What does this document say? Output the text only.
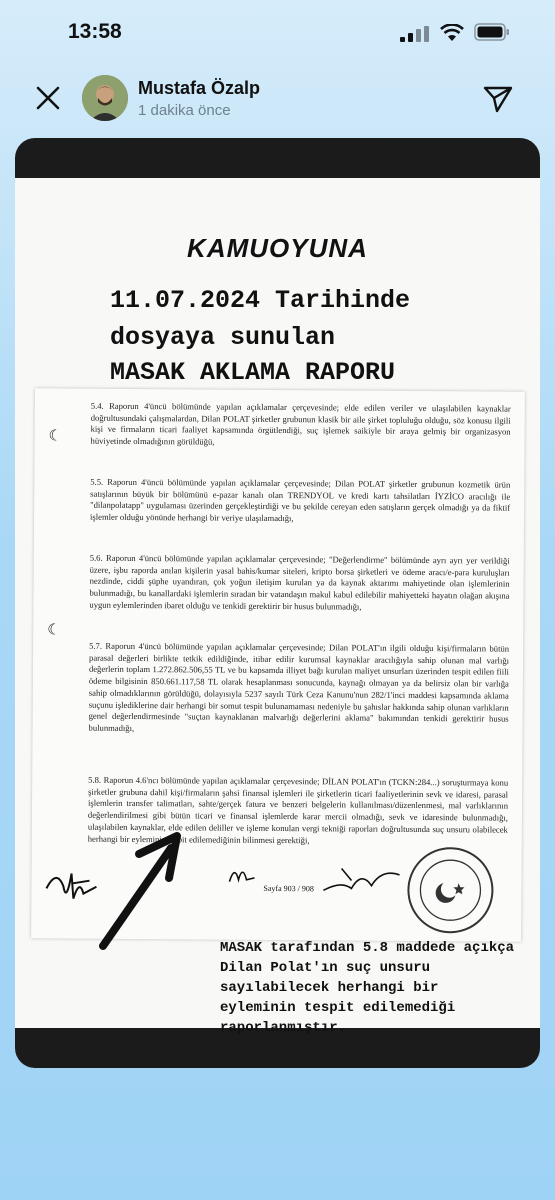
13:58
Mustafa Özalp
1 dakika önce
KAMUOYUNA
11.07.2024 Tarihinde
dosyaya sunulan
MASAK AKLAMA RAPORU
☾
☾
5.4. Raporun 4'üncü bölümünde yapılan açıklamalar çerçevesinde; elde edilen veriler ve ulaşılabilen kaynaklar doğrultusundaki çalışmalardan, Dilan POLAT şirketler grubunun klasik bir aile şirket topluluğu olduğu, söz konusu ilgili kişi ve firmaların ticari faaliyet kapsamında örgütlendiği, suç işlemek saikiyle bir araya gelmiş bir organizasyon hüviyetinde olmadığının görüldüğü,
5.5. Raporun 4'üncü bölümünde yapılan açıklamalar çerçevesinde; Dilan POLAT şirketler grubunun kozmetik ürün satışlarının büyük bir bölümünü e-pazar kanalı olan TRENDYOL ve kredi kartı tahsilatları İYZİCO aracılığı ile "dilanpolatapp" uygulaması üzerinden gerçekleştirdiği ve bu şekilde cereyan eden satışların gerçek olmadığı ya da fiktif işlemler olduğu yönünde herhangi bir veriye ulaşılamadığı,
5.6. Raporun 4'üncü bölümünde yapılan açıklamalar çerçevesinde; "Değerlendirme" bölümünde ayrı ayrı yer verildiği üzere, işbu raporda anılan kişilerin yasal bahis/kumar siteleri, kripto borsa şirketleri ve ödeme aracı/e-para kuruluşları nezdinde, ciddi şüphe uyandıran, çok yoğun iletişim kurulan ya da kaynak aktarımı mahiyetinde olan işlemlerinin bulunmadığı, bu kanallardaki işlemlerin sıradan bir vatandaşın makul kabul edilebilir mahiyetteki hayatın olağan akışına uygun eylemlerinden ibaret olduğu ve tenkidi gerektirir bir husus bulunmadığı,
5.7. Raporun 4'üncü bölümünde yapılan açıklamalar çerçevesinde; Dilan POLAT'ın ilgili olduğu kişi/firmaların bütün parasal değerleri birlikte tetkik edildiğinde, itibar edilir kurumsal kaynaklar aracılığıyla sahip olunan mal varlığı değerlerin toplam 1.272.862.506,55 TL ve bu kapsamda illiyet bağı kurulan maliyet unsurları üzerinden tespit edilen fiili ödeme bilgisinin 850.661.117,58 TL olarak hesaplanması sonucunda, kaynağı olmayan ya da belirsiz olan bir varlığa sahip olmadıklarının görüldüğü, dolayısıyla 5237 sayılı Türk Ceza Kanunu'nun 282/1'inci maddesi kapsamında aklama suçunu işlediklerine dair herhangi bir somut tespit bulunamaması nedeniyle bu şahıslar hakkında sahip olunan varlıkların genel değerlendirmesinde "suçtan kaynaklanan malvarlığı değerlerini aklama" bakımından tenkidi gerektirir husus bulunmadığı,
5.8. Raporun 4.6'ncı bölümünde yapılan açıklamalar çerçevesinde; DİLAN POLAT'ın (TCKN:284...) soruşturmaya konu şirketler grubuna dahil kişi/firmaların şahsi finansal işlemleri ile şirketlerin ticari faaliyetlerinin sevk ve idaresi, parasal işlemlerin transfer talimatları, sahte/gerçek fatura ve benzeri belgelerin kullanılması/düzenlenmesi, mal varlıklarının değerlendirilmesi gibi bütün ticari ve finansal işlemlerde karar mercii olmadığı, sevk ve idaresinde bulunmadığı, ulaşılabilen kaynaklar, elde edilen deliller ve işleme konulan vergi tekniği raporları doğrultusunda suç unsuru olabilecek herhangi bir eyleminin tespit edilemediğinin bilinmesi gerektiği,
Sayfa 903 / 908
MASAK tarafından 5.8 maddede açıkça Dilan Polat'ın suç unsuru sayılabilecek herhangi bir eyleminin tespit edilemediği raporlanmıştır.
